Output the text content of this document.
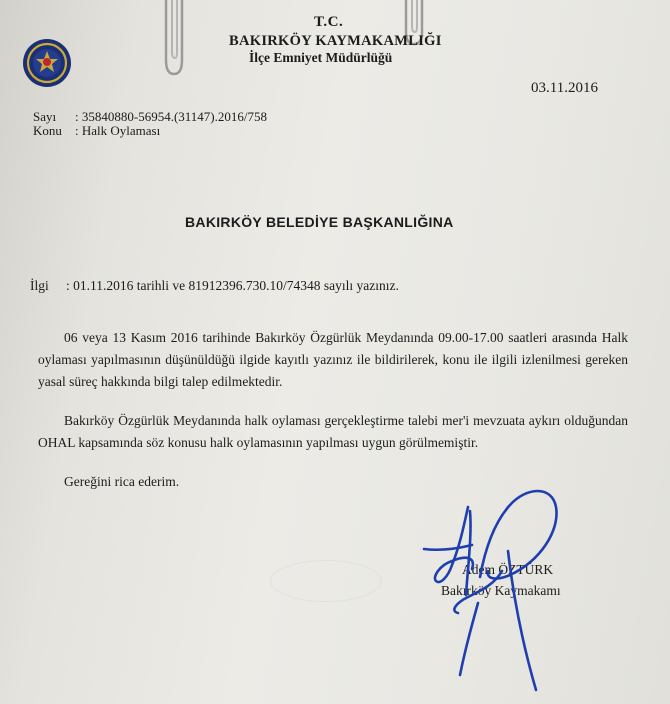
T.C.
BAKIRKÖY KAYMAKAMLIĞI
İlçe Emniyet Müdürlüğü
03.11.2016
Sayı : 35840880-56954.(31147).2016/758
Konu : Halk Oylaması
BAKIRKÖY BELEDİYE BAŞKANLIĞINA
İlgi : 01.11.2016 tarihli ve 81912396.730.10/74348 sayılı yazınız.
06 veya 13 Kasım 2016 tarihinde Bakırköy Özgürlük Meydanında 09.00-17.00 saatleri arasında Halk oylaması yapılmasının düşünüldüğü ilgide kayıtlı yazınız ile bildirilerek, konu ile ilgili izlenilmesi gereken yasal süreç hakkında bilgi talep edilmektedir.
Bakırköy Özgürlük Meydanında halk oylaması gerçekleştirme talebi mer'i mevzuata aykırı olduğundan OHAL kapsamında söz konusu halk oylamasının yapılması uygun görülmemiştir.
Gereğini rica ederim.
Adem ÖZTÜRK
Bakırköy Kaymakamı
